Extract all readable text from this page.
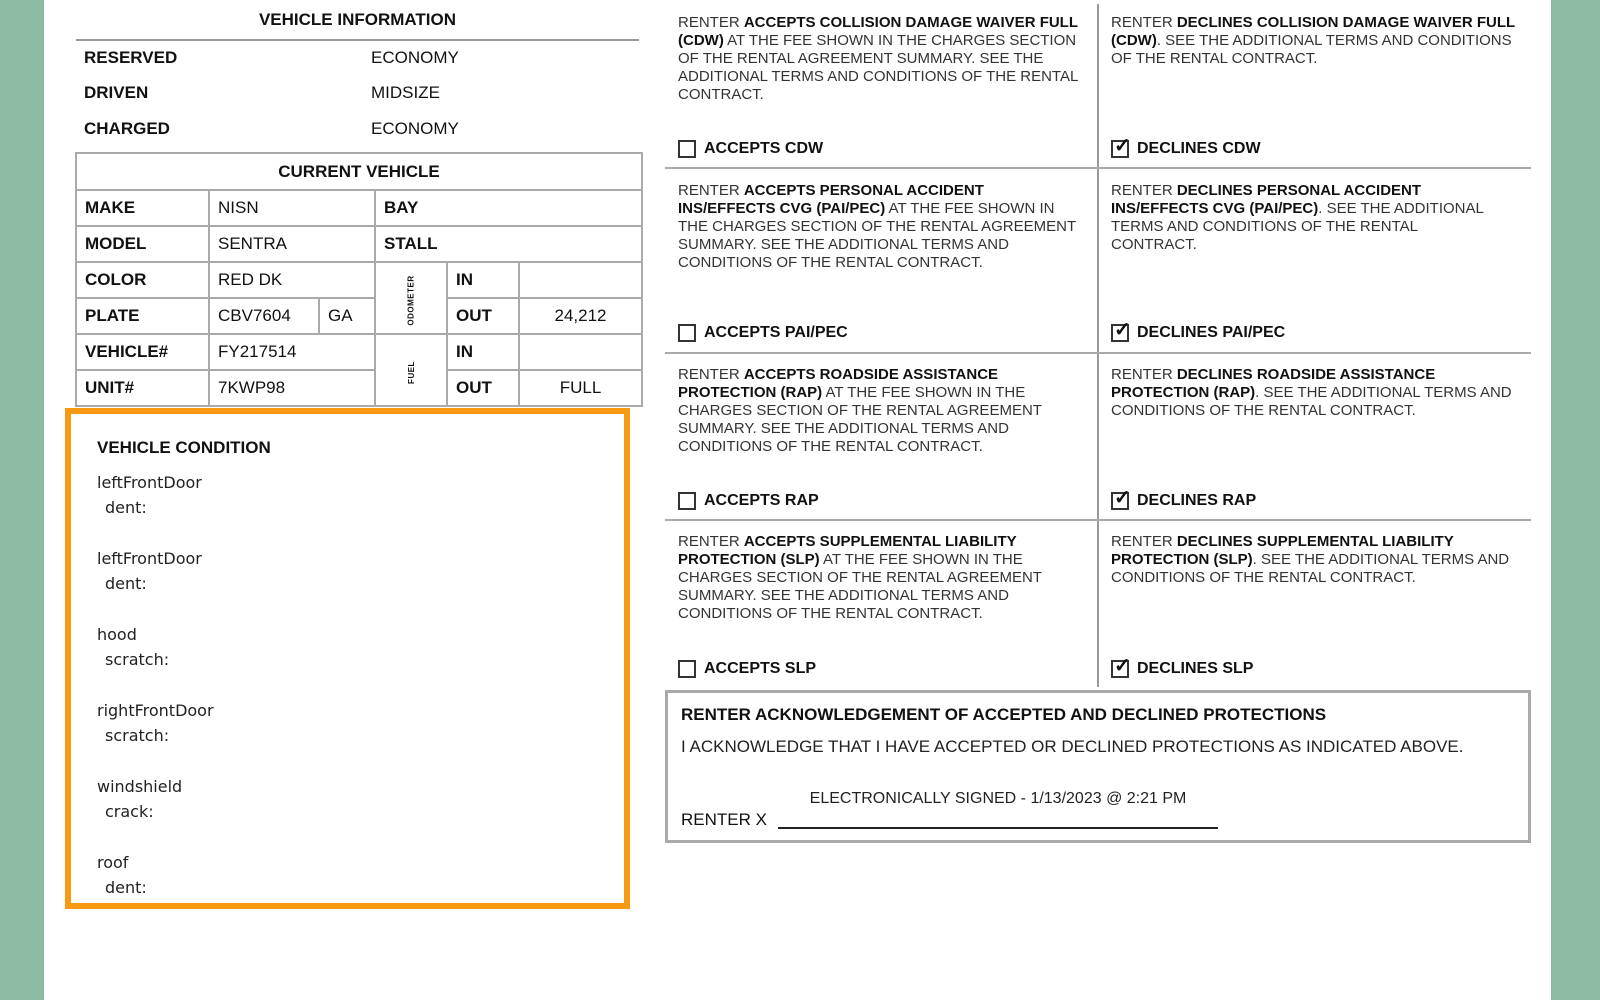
VEHICLE INFORMATION
RESERVED	ECONOMY
DRIVEN	MIDSIZE
CHARGED	ECONOMY
CURRENT VEHICLE					
MAKE	NISN		BAY		
MODEL	SENTRA		STALL		
COLOR	RED DK		ODOMETER	IN	
PLATE	CBV7604	GA		OUT	24,212
VEHICLE#	FY217514		FUEL	IN	
UNIT#	7KWP98			OUT	FULL
VEHICLE CONDITION
leftFrontDoor
dent:
leftFrontDoor
dent:
hood
scratch:
rightFrontDoor
scratch:
windshield
crack:
roof
dent:
RENTER ACCEPTS COLLISION DAMAGE WAIVER FULL (CDW) AT THE FEE SHOWN IN THE CHARGES SECTION OF THE RENTAL AGREEMENT SUMMARY. SEE THE ADDITIONAL TERMS AND CONDITIONS OF THE RENTAL CONTRACT.
RENTER DECLINES COLLISION DAMAGE WAIVER FULL (CDW). SEE THE ADDITIONAL TERMS AND CONDITIONS OF THE RENTAL CONTRACT.
ACCEPTS CDW	✓ DECLINES CDW
RENTER ACCEPTS PERSONAL ACCIDENT INS/EFFECTS CVG (PAI/PEC) AT THE FEE SHOWN IN THE CHARGES SECTION OF THE RENTAL AGREEMENT SUMMARY. SEE THE ADDITIONAL TERMS AND CONDITIONS OF THE RENTAL CONTRACT.
RENTER DECLINES PERSONAL ACCIDENT INS/EFFECTS CVG (PAI/PEC). SEE THE ADDITIONAL TERMS AND CONDITIONS OF THE RENTAL CONTRACT.
ACCEPTS PAI/PEC	✓ DECLINES PAI/PEC
RENTER ACCEPTS ROADSIDE ASSISTANCE PROTECTION (RAP) AT THE FEE SHOWN IN THE CHARGES SECTION OF THE RENTAL AGREEMENT SUMMARY. SEE THE ADDITIONAL TERMS AND CONDITIONS OF THE RENTAL CONTRACT.
RENTER DECLINES ROADSIDE ASSISTANCE PROTECTION (RAP). SEE THE ADDITIONAL TERMS AND CONDITIONS OF THE RENTAL CONTRACT.
ACCEPTS RAP	✓ DECLINES RAP
RENTER ACCEPTS SUPPLEMENTAL LIABILITY PROTECTION (SLP) AT THE FEE SHOWN IN THE CHARGES SECTION OF THE RENTAL AGREEMENT SUMMARY. SEE THE ADDITIONAL TERMS AND CONDITIONS OF THE RENTAL CONTRACT.
RENTER DECLINES SUPPLEMENTAL LIABILITY PROTECTION (SLP). SEE THE ADDITIONAL TERMS AND CONDITIONS OF THE RENTAL CONTRACT.
ACCEPTS SLP	✓ DECLINES SLP
RENTER ACKNOWLEDGEMENT OF ACCEPTED AND DECLINED PROTECTIONS
I ACKNOWLEDGE THAT I HAVE ACCEPTED OR DECLINED PROTECTIONS AS INDICATED ABOVE.
ELECTRONICALLY SIGNED - 1/13/2023 @ 2:21 PM
RENTER X
